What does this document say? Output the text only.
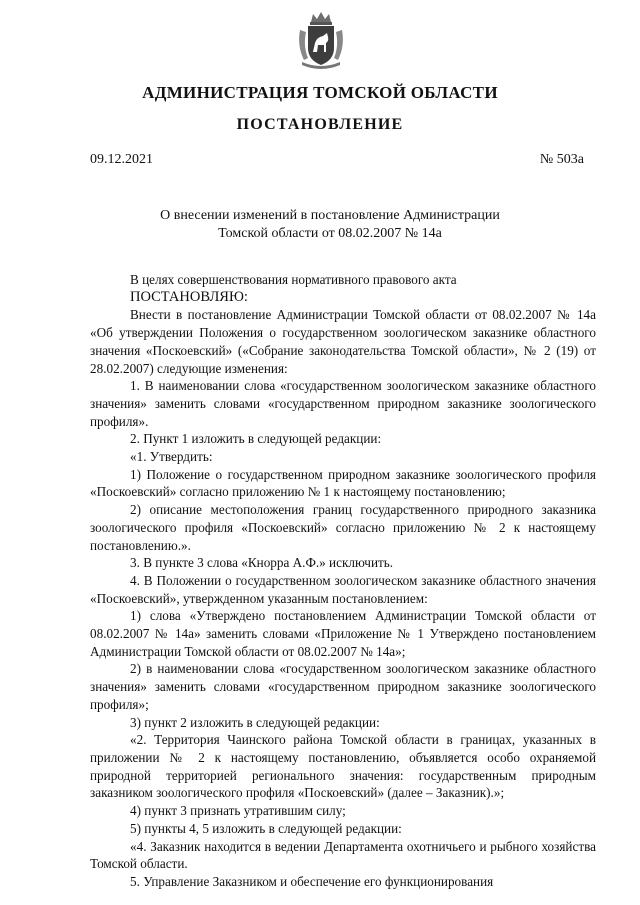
АДМИНИСТРАЦИЯ ТОМСКОЙ ОБЛАСТИ
ПОСТАНОВЛЕНИЕ
09.12.2021	№ 503а
О внесении изменений в постановление Администрации
Томской области от 08.02.2007 № 14а

В целях совершенствования нормативного правового акта

ПОСТАНОВЛЯЮ:

Внести в постановление Администрации Томской области от 08.02.2007 № 14а «Об утверждении Положения о государственном зоологическом заказнике областного значения «Поскоевский» («Собрание законодательства Томской области», № 2 (19) от 28.02.2007) следующие изменения:

1. В наименовании слова «государственном зоологическом заказнике областного значения» заменить словами «государственном природном заказнике зоологического профиля».

2. Пункт 1 изложить в следующей редакции:

«1. Утвердить:

1) Положение о государственном природном заказнике зоологического профиля «Поскоевский» согласно приложению № 1 к настоящему постановлению;

2) описание местоположения границ государственного природного заказника зоологического профиля «Поскоевский» согласно приложению № 2 к настоящему постановлению.».

3. В пункте 3 слова «Кнорра А.Ф.» исключить.

4. В Положении о государственном зоологическом заказнике областного значения «Поскоевский», утвержденном указанным постановлением:

1) слова «Утверждено постановлением Администрации Томской области от 08.02.2007 № 14а» заменить словами «Приложение № 1 Утверждено постановлением Администрации Томской области от 08.02.2007 № 14а»;

2) в наименовании слова «государственном зоологическом заказнике областного значения» заменить словами «государственном природном заказнике зоологического профиля»;

3) пункт 2 изложить в следующей редакции:

«2. Территория Чаинского района Томской области в границах, указанных в приложении № 2 к настоящему постановлению, объявляется особо охраняемой природной территорией регионального значения: государственным природным заказником зоологического профиля «Поскоевский» (далее – Заказник).»;

4) пункт 3 признать утратившим силу;

5) пункты 4, 5 изложить в следующей редакции:

«4. Заказник находится в ведении Департамента охотничьего и рыбного хозяйства Томской области.

5. Управление Заказником и обеспечение его функционирования
